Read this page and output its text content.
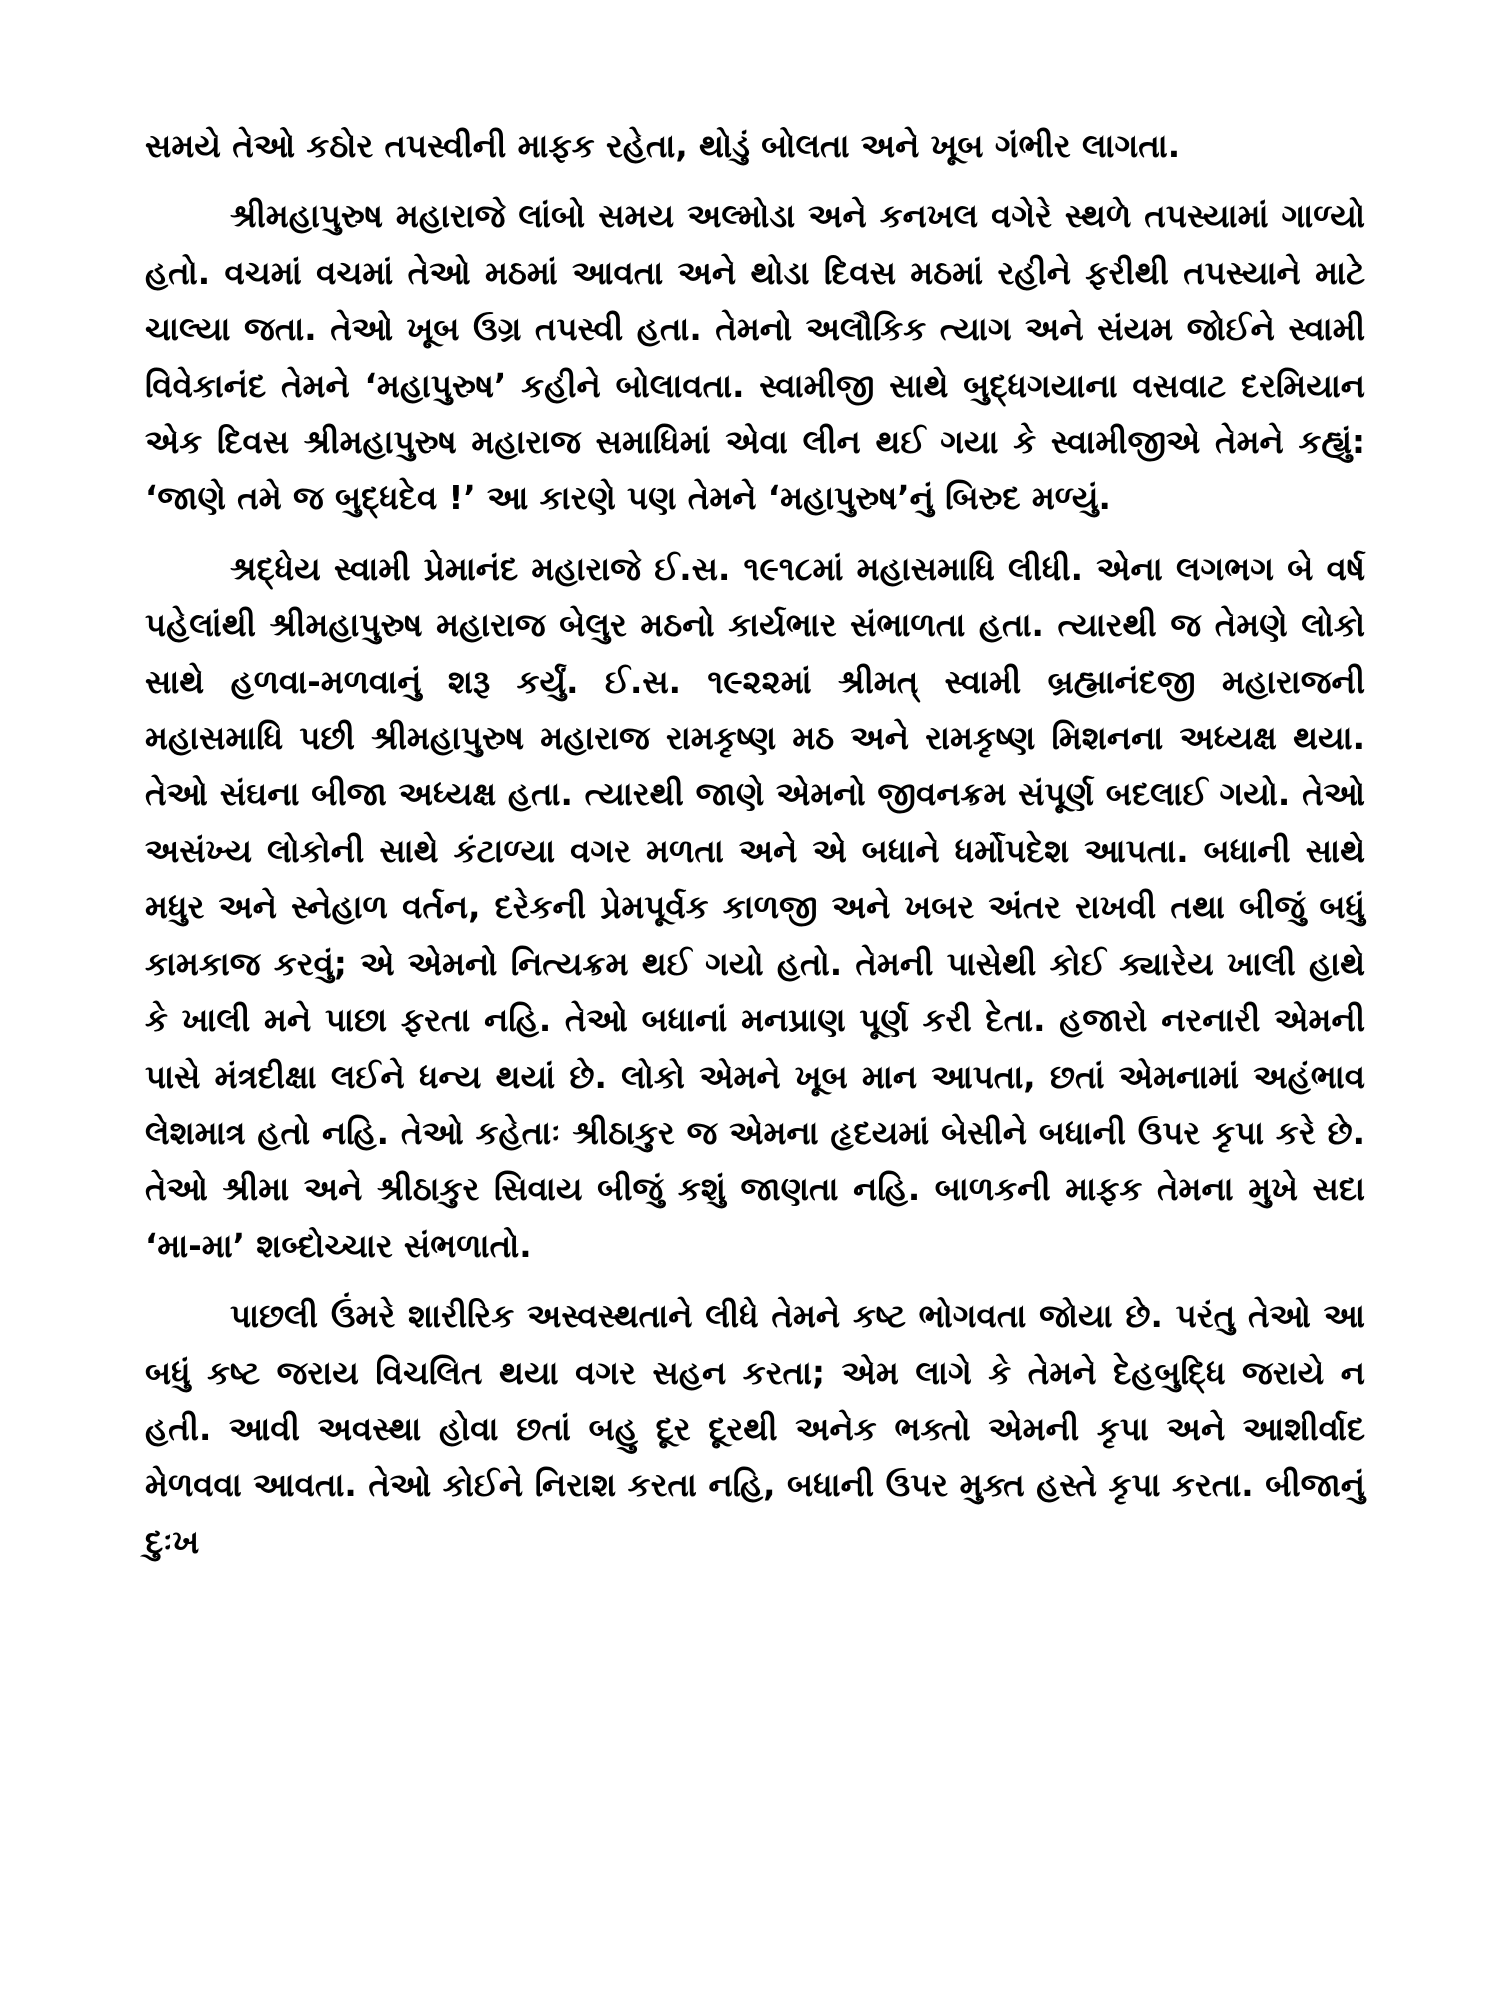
સમયે તેઓ કઠોર તપસ્વીની માફક રહેતા, થોડું બોલતા અને ખૂબ ગંભીર લાગતા.

શ્રીમહાપુરુષ મહારાજે લાંબો સમય અલ્મોડા અને કનખલ વગેરે સ્થળે તપસ્યામાં ગાળ્યો હતો. વચમાં વચમાં તેઓ મઠમાં આવતા અને થોડા દિવસ મઠમાં રહીને ફરીથી તપસ્યાને માટે ચાલ્યા જતા. તેઓ ખૂબ ઉગ્ર તપસ્વી હતા. તેમનો અલૌકિક ત્યાગ અને સંયમ જોઈને સ્વામી વિવેકાનંદ તેમને ‘મહાપુરુષ’ કહીને બોલાવતા. સ્વામીજી સાથે બુદ્ધગયાના વસવાટ દરમિયાન એક દિવસ શ્રીમહાપુરુષ મહારાજ સમાધિમાં એવા લીન થઈ ગયા કે સ્વામીજીએ તેમને કહ્યું: ‘જાણે તમે જ બુદ્ધદેવ !’ આ કારણે પણ તેમને ‘મહાપુરુષ’નું બિરુદ મળ્યું.

શ્રદ્ધેય સ્વામી પ્રેમાનંદ મહારાજે ઈ.સ. ૧૯૧૮માં મહાસમાધિ લીધી. એના લગભગ બે વર્ષ પહેલાંથી શ્રીમહાપુરુષ મહારાજ બેલુર મઠનો કાર્યભાર સંભાળતા હતા. ત્યારથી જ તેમણે લોકો સાથે હળવા-મળવાનું શરૂ કર્યું. ઈ.સ. ૧૯૨૨માં શ્રીમત્ સ્વામી બ્રહ્માનંદજી મહારાજની મહાસમાધિ પછી શ્રીમહાપુરુષ મહારાજ રામકૃષ્ણ મઠ અને રામકૃષ્ણ મિશનના અધ્યક્ષ થયા. તેઓ સંઘના બીજા અધ્યક્ષ હતા. ત્યારથી જાણે એમનો જીવનક્રમ સંપૂર્ણ બદલાઈ ગયો. તેઓ અસંખ્ય લોકોની સાથે કંટાળ્યા વગર મળતા અને એ બધાને ધર્મોપદેશ આપતા. બધાની સાથે મધુર અને સ્નેહાળ વર્તન, દરેકની પ્રેમપૂર્વક કાળજી અને ખબર અંતર રાખવી તથા બીજું બધું કામકાજ કરવું; એ એમનો નિત્યક્રમ થઈ ગયો હતો. તેમની પાસેથી કોઈ ક્યારેય ખાલી હાથે કે ખાલી મને પાછા ફરતા નહિ. તેઓ બધાનાં મનપ્રાણ પૂર્ણ કરી દેતા. હજારો નરનારી એમની પાસે મંત્રદીક્ષા લઈને ધન્ય થયાં છે. લોકો એમને ખૂબ માન આપતા, છતાં એમનામાં અહંભાવ લેશમાત્ર હતો નહિ. તેઓ કહેતાઃ શ્રીઠાકુર જ એમના હૃદયમાં બેસીને બધાની ઉપર કૃપા કરે છે. તેઓ શ્રીમા અને શ્રીઠાકુર સિવાય બીજું કશું જાણતા નહિ. બાળકની માફક તેમના મુખે સદા ‘મા-મા’ શબ્દોચ્ચાર સંભળાતો.

પાછલી ઉંમરે શારીરિક અસ્વસ્થતાને લીધે તેમને કષ્ટ ભોગવતા જોયા છે. પરંતુ તેઓ આ બધું કષ્ટ જરાય વિચલિત થયા વગર સહન કરતા; એમ લાગે કે તેમને દેહબુદ્ધિ જરાયે ન હતી. આવી અવસ્થા હોવા છતાં બહુ દૂર દૂરથી અનેક ભક્તો એમની કૃપા અને આશીર્વાદ મેળવવા આવતા. તેઓ કોઈને નિરાશ કરતા નહિ, બધાની ઉપર મુક્ત હસ્તે કૃપા કરતા. બીજાનું દુઃખ
